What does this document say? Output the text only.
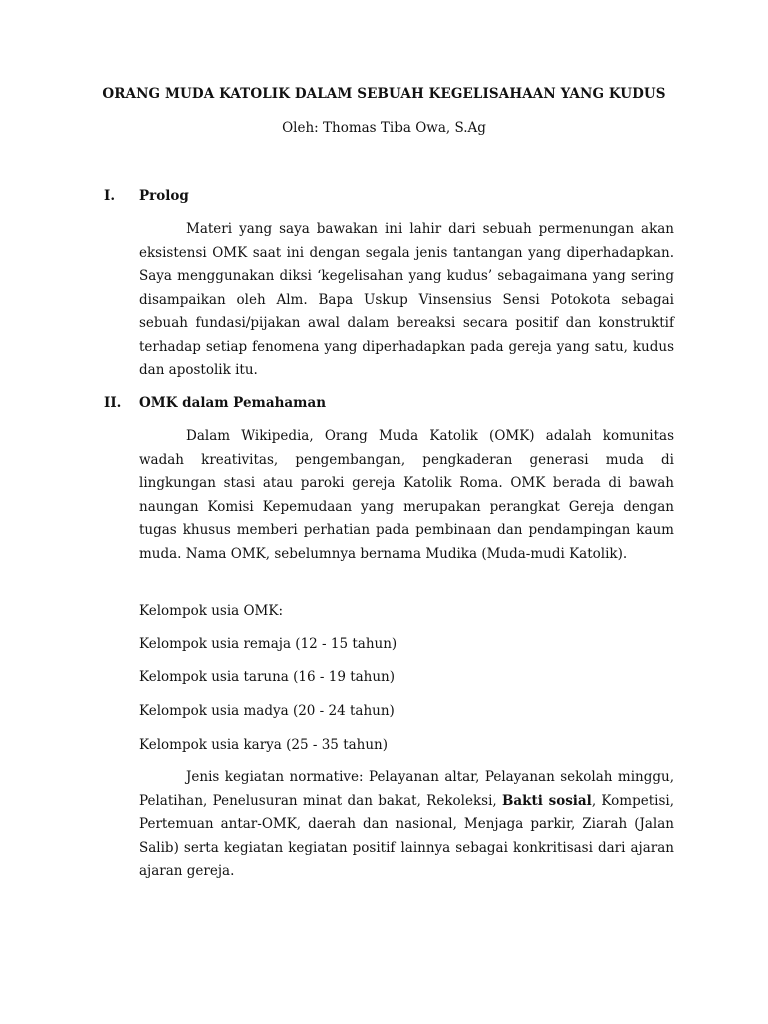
ORANG MUDA KATOLIK DALAM SEBUAH KEGELISAHAAN YANG KUDUS
Oleh: Thomas Tiba Owa, S.Ag
I. Prolog

Materi yang saya bawakan ini lahir dari sebuah permenungan akan eksistensi OMK saat ini dengan segala jenis tantangan yang diperhadapkan. Saya menggunakan diksi ‘kegelisahan yang kudus’ sebagaimana yang sering disampaikan oleh Alm. Bapa Uskup Vinsensius Sensi Potokota sebagai sebuah fundasi/pijakan awal dalam bereaksi secara positif dan konstruktif terhadap setiap fenomena yang diperhadapkan pada gereja yang satu, kudus dan apostolik itu.

II. OMK dalam Pemahaman

Dalam Wikipedia, Orang Muda Katolik (OMK) adalah komunitas wadah kreativitas, pengembangan, pengkaderan generasi muda di lingkungan stasi atau paroki gereja Katolik Roma. OMK berada di bawah naungan Komisi Kepemudaan yang merupakan perangkat Gereja dengan tugas khusus memberi perhatian pada pembinaan dan pendampingan kaum muda. Nama OMK, sebelumnya bernama Mudika (Muda-mudi Katolik).

Kelompok usia OMK:
Kelompok usia remaja (12 - 15 tahun)
Kelompok usia taruna (16 - 19 tahun)
Kelompok usia madya (20 - 24 tahun)
Kelompok usia karya (25 - 35 tahun)

Jenis kegiatan normative: Pelayanan altar, Pelayanan sekolah minggu, Pelatihan, Penelusuran minat dan bakat, Rekoleksi, Bakti sosial, Kompetisi, Pertemuan antar-OMK, daerah dan nasional, Menjaga parkir, Ziarah (Jalan Salib) serta kegiatan kegiatan positif lainnya sebagai konkritisasi dari ajaran ajaran gereja.
